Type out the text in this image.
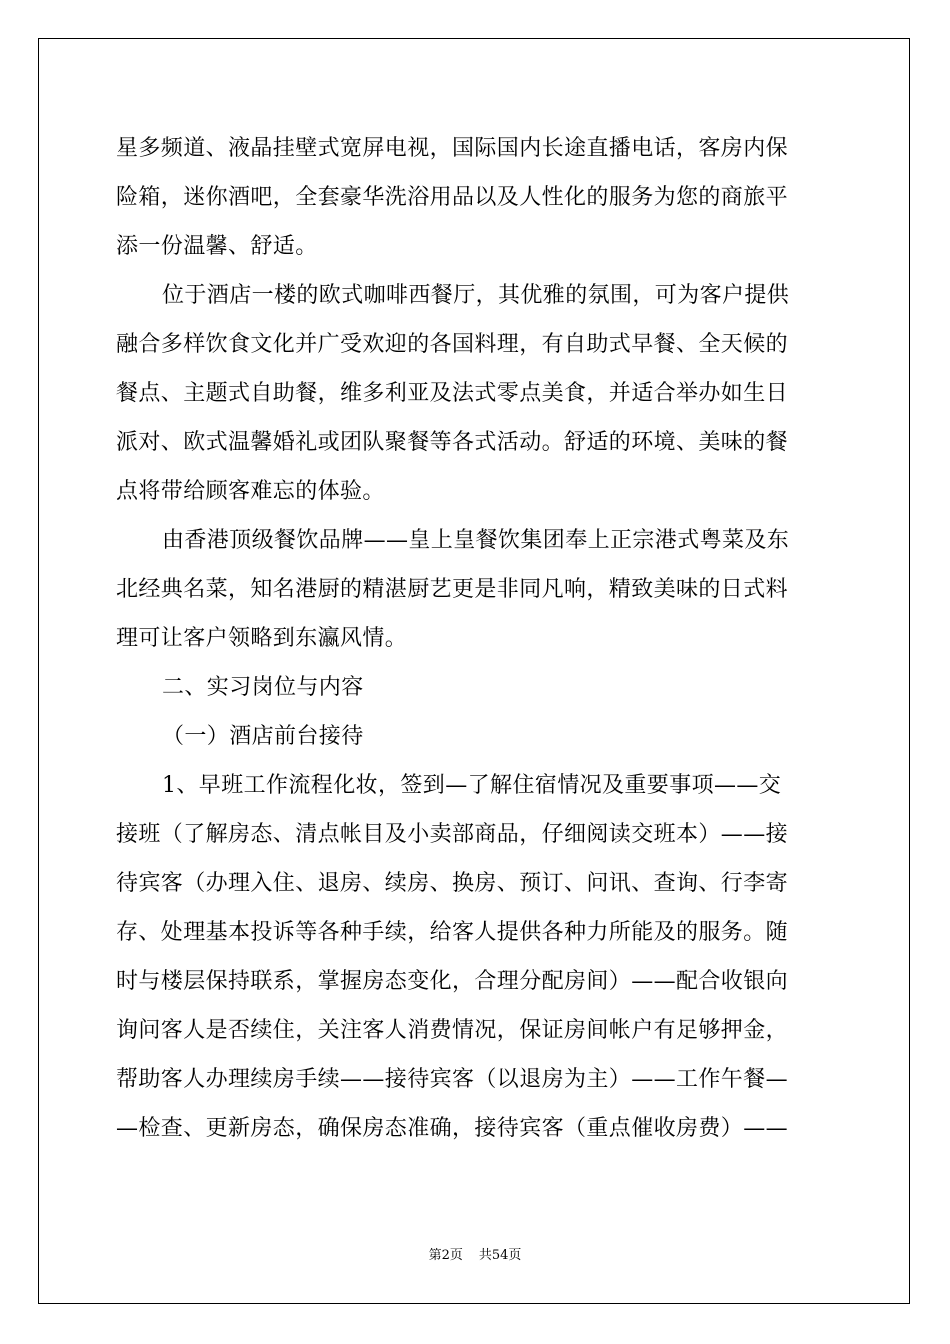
星多频道、液晶挂壁式宽屏电视，国际国内长途直播电话，客房内保
险箱，迷你酒吧，全套豪华洗浴用品以及人性化的服务为您的商旅平
添一份温馨、舒适。
位于酒店一楼的欧式咖啡西餐厅，其优雅的氛围，可为客户提供
融合多样饮食文化并广受欢迎的各国料理，有自助式早餐、全天候的
餐点、主题式自助餐，维多利亚及法式零点美食，并适合举办如生日
派对、欧式温馨婚礼或团队聚餐等各式活动。舒适的环境、美味的餐
点将带给顾客难忘的体验。
由香港顶级餐饮品牌——皇上皇餐饮集团奉上正宗港式粤菜及东
北经典名菜，知名港厨的精湛厨艺更是非同凡响，精致美味的日式料
理可让客户领略到东瀛风情。
二、实习岗位与内容
（一）酒店前台接待
1、早班工作流程化妆，签到—了解住宿情况及重要事项——交
接班（了解房态、清点帐目及小卖部商品，仔细阅读交班本）——接
待宾客（办理入住、退房、续房、换房、预订、问讯、查询、行李寄
存、处理基本投诉等各种手续，给客人提供各种力所能及的服务。随
时与楼层保持联系，掌握房态变化，合理分配房间）——配合收银向
询问客人是否续住，关注客人消费情况，保证房间帐户有足够押金，
帮助客人办理续房手续——接待宾客（以退房为主）——工作午餐—
—检查、更新房态，确保房态准确，接待宾客（重点催收房费）——
第2页 共54页
